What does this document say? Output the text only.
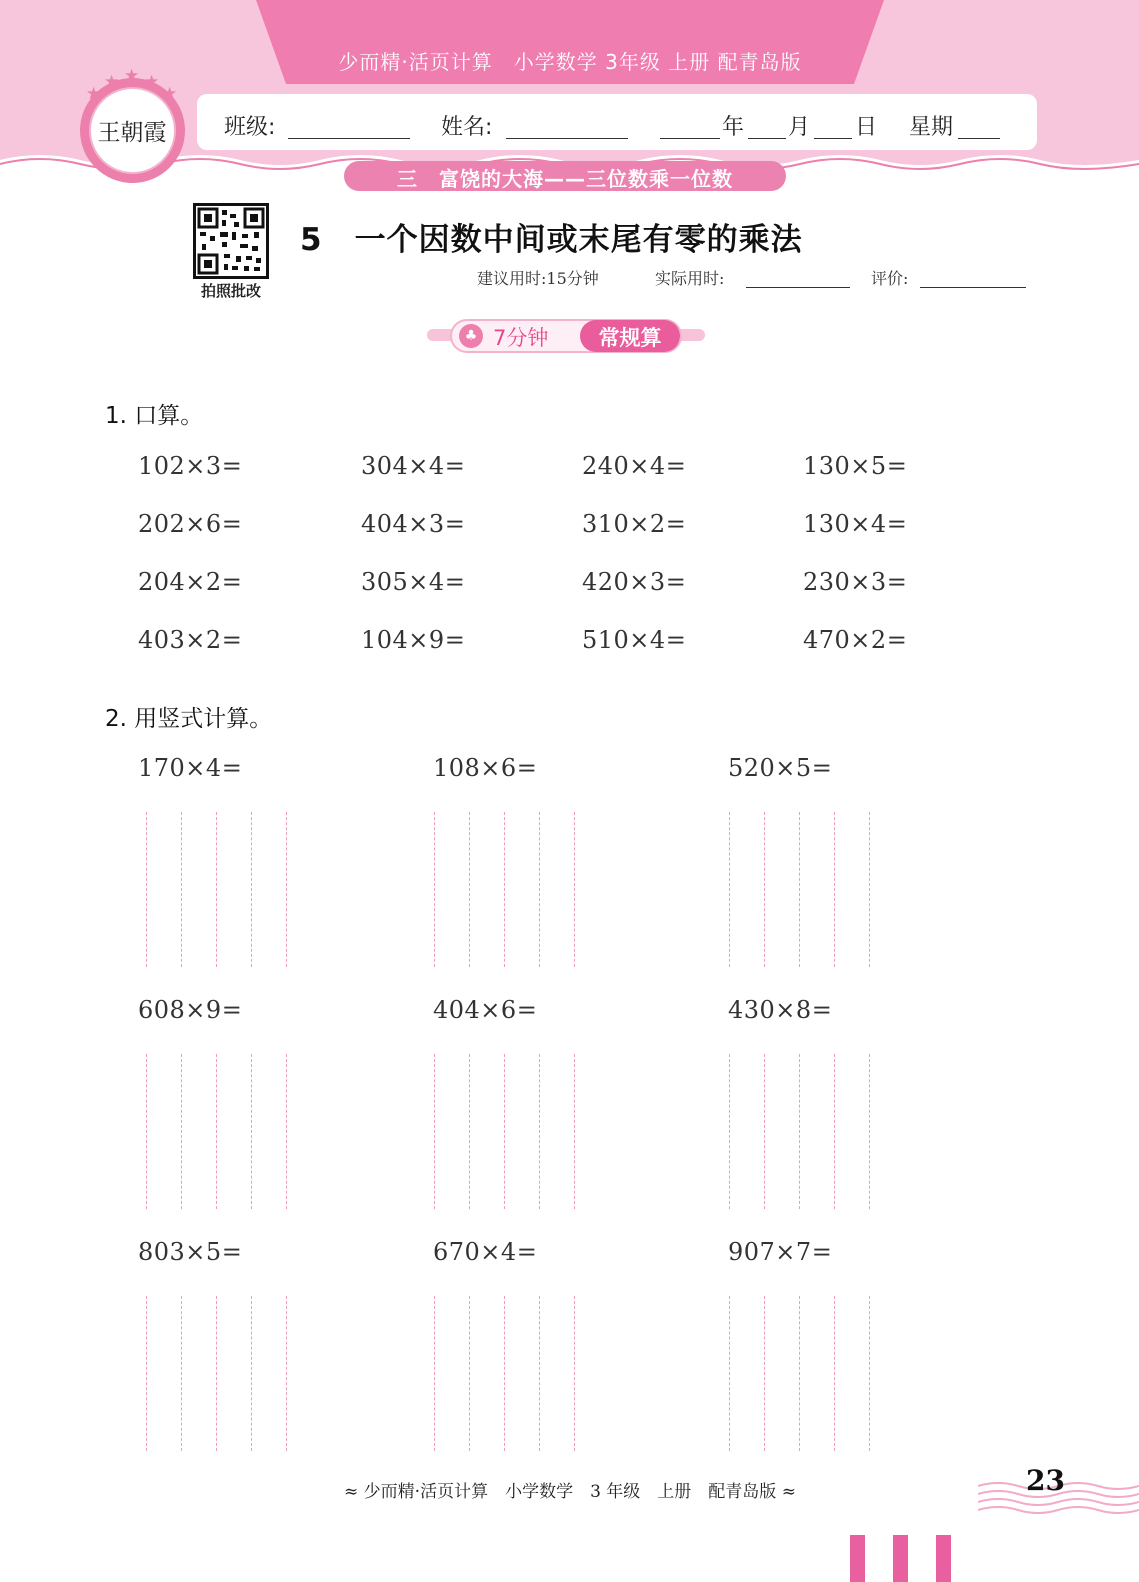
少而精·活页计算　小学数学 3年级 上册 配青岛版
班级:	姓名:	年 月 日 星期
王朝霞
★
★ ★ ★
★
三　富饶的大海——三位数乘一位数
拍照批改
5　一个因数中间或末尾有零的乘法
建议用时:15分钟	实际用时:	评价:
♣ 7分钟	常规算
1. 口算。
102×3=	304×4=	240×4=	130×5=
202×6=	404×3=	310×2=	130×4=
204×2=	305×4=	420×3=	230×3=
403×2=	104×9=	510×4=	470×2=
2. 用竖式计算。
170×4=	108×6=	520×5=
608×9=	404×6=	430×8=
803×5=	670×4=	907×7=
≈ 少而精·活页计算　小学数学　3 年级　上册　配青岛版 ≈	23
